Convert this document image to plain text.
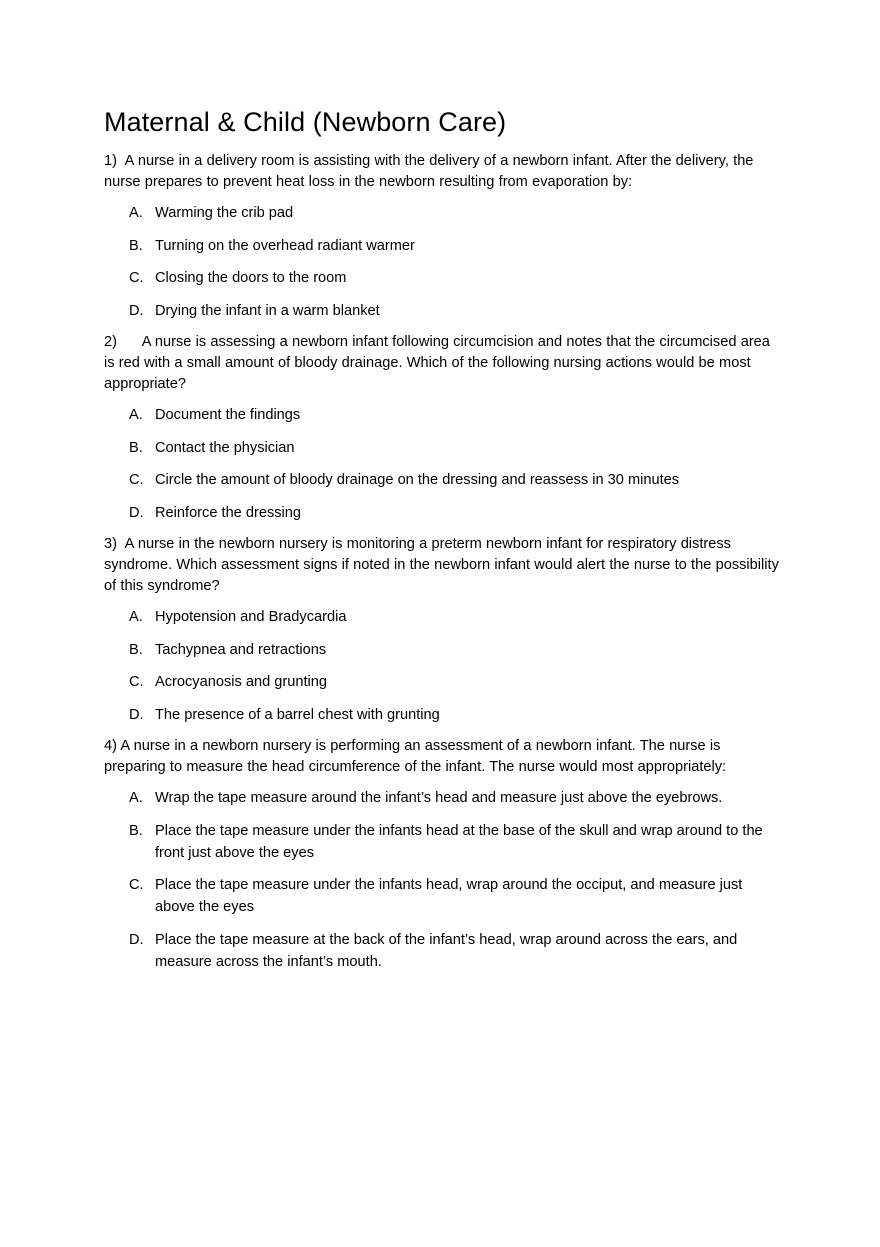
Maternal & Child (Newborn Care)

1)  A nurse in a delivery room is assisting with the delivery of a newborn infant. After the delivery, the nurse prepares to prevent heat loss in the newborn resulting from evaporation by:

A. Warming the crib pad
B. Turning on the overhead radiant warmer
C. Closing the doors to the room
D. Drying the infant in a warm blanket

2)      A nurse is assessing a newborn infant following circumcision and notes that the circumcised area is red with a small amount of bloody drainage. Which of the following nursing actions would be most appropriate?

A. Document the findings
B. Contact the physician
C. Circle the amount of bloody drainage on the dressing and reassess in 30 minutes
D. Reinforce the dressing

3)  A nurse in the newborn nursery is monitoring a preterm newborn infant for respiratory distress syndrome. Which assessment signs if noted in the newborn infant would alert the nurse to the possibility of this syndrome?

A. Hypotension and Bradycardia
B. Tachypnea and retractions
C. Acrocyanosis and grunting
D. The presence of a barrel chest with grunting

4) A nurse in a newborn nursery is performing an assessment of a newborn infant. The nurse is preparing to measure the head circumference of the infant. The nurse would most appropriately:

A. Wrap the tape measure around the infant’s head and measure just above the eyebrows.
B. Place the tape measure under the infants head at the base of the skull and wrap around to the front just above the eyes
C. Place the tape measure under the infants head, wrap around the occiput, and measure just above the eyes
D. Place the tape measure at the back of the infant’s head, wrap around across the ears, and measure across the infant’s mouth.
